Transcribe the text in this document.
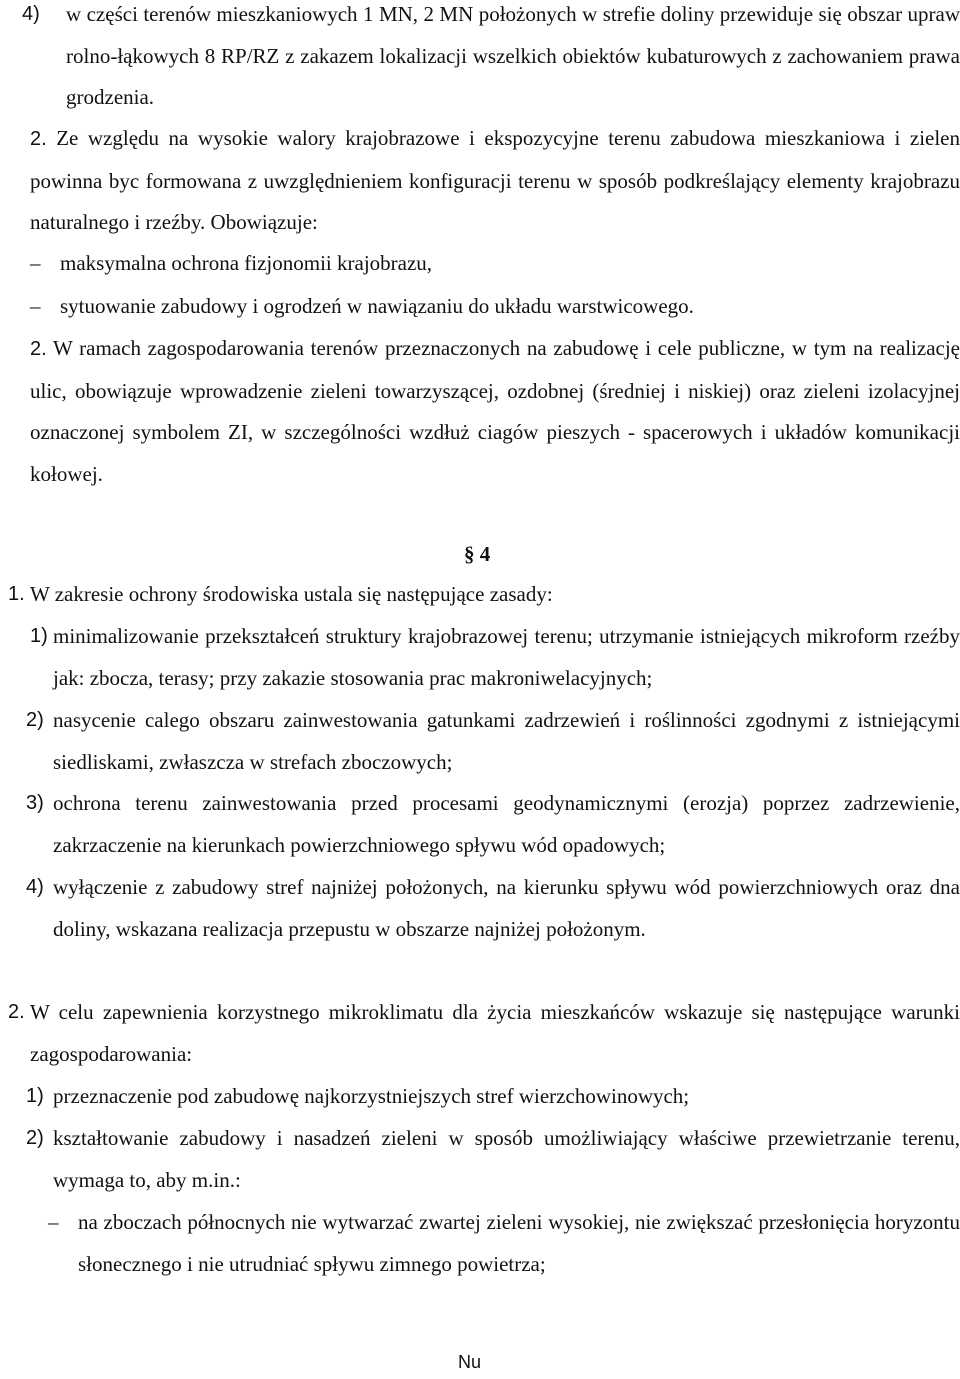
4) w części terenów mieszkaniowych 1 MN, 2 MN położonych w strefie doliny przewiduje się obszar upraw rolno-łąkowych 8 RP/RZ z zakazem lokalizacji wszelkich obiektów kubaturowych z zachowaniem prawa grodzenia.
2. Ze względu na wysokie walory krajobrazowe i ekspozycyjne terenu zabudowa mieszkaniowa i zielen powinna byc formowana z uwzględnieniem konfiguracji terenu w sposób podkreślający elementy krajobrazu naturalnego i rzeźby. Obowiązuje:
– maksymalna ochrona fizjonomii krajobrazu,
– sytuowanie zabudowy i ogrodzeń w nawiązaniu do układu warstwicowego.
2. W ramach zagospodarowania terenów przeznaczonych na zabudowę i cele publiczne, w tym na realizację ulic, obowiązuje wprowadzenie zieleni towarzyszącej, ozdobnej (średniej i niskiej) oraz zieleni izolacyjnej oznaczonej symbolem ZI, w szczególności wzdłuż ciagów pieszych - spacerowych i układów komunikacji kołowej.
§ 4
1. W zakresie ochrony środowiska ustala się następujące zasady:
1) minimalizowanie przekształceń struktury krajobrazowej terenu; utrzymanie istniejących mikroform rzeźby jak: zbocza, terasy; przy zakazie stosowania prac makroniwelacyjnych;
2) nasycenie calego obszaru zainwestowania gatunkami zadrzewień i roślinności zgodnymi z istniejącymi siedliskami, zwłaszcza w strefach zboczowych;
3) ochrona terenu zainwestowania przed procesami geodynamicznymi (erozja) poprzez zadrzewienie, zakrzaczenie na kierunkach powierzchniowego spływu wód opadowych;
4) wyłączenie z zabudowy stref najniżej położonych, na kierunku spływu wód powierzchniowych oraz dna doliny, wskazana realizacja przepustu w obszarze najniżej położonym.
2. W celu zapewnienia korzystnego mikroklimatu dla życia mieszkańców wskazuje się następujące warunki zagospodarowania:
1) przeznaczenie pod zabudowę najkorzystniejszych stref wierzchowinowych;
2) kształtowanie zabudowy i nasadzeń zieleni w sposób umożliwiający właściwe przewietrzanie terenu, wymaga to, aby m.in.:
– na zboczach północnych nie wytwarzać zwartej zieleni wysokiej, nie zwiększać przesłonięcia horyzontu słonecznego i nie utrudniać spływu zimnego powietrza;
Nu
